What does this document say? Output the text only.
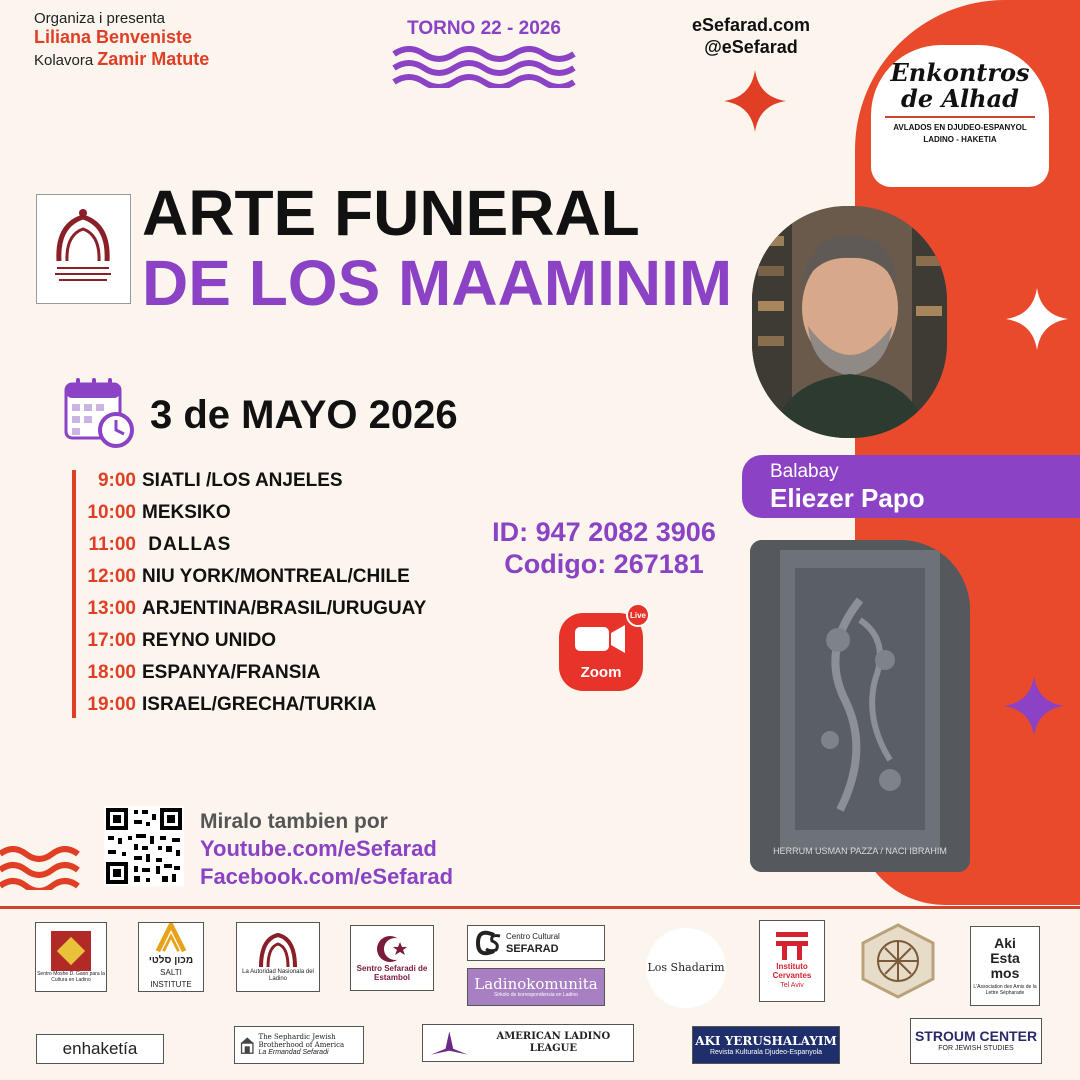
Organiza i presenta
Liliana Benveniste
Kolavora Zamir Matute
TORNO 22 - 2026	eSefarad.com
@eSefarad
Enkontros
de Alhad
AVLADOS EN DJUDEO-ESPANYOL
LADINO - HAKETIA
ARTE FUNERAL
DE LOS MAAMINIM
3 de MAYO 2026
9:00 SIATLI /LOS ANJELES
10:00 MEKSIKO
11:00 DALLAS
12:00 NIU YORK/MONTREAL/CHILE
13:00 ARJENTINA/BRASIL/URUGUAY
17:00 REYNO UNIDO
18:00 ESPANYA/FRANSIA
19:00 ISRAEL/GRECHA/TURKIA
ID: 947 2082 3906
Codigo: 267181
Zoom
Live
Balabay
Eliezer Papo
HERRUM USMAN PAZZA / NACI IBRAHIM
Miralo tambien por
Youtube.com/eSefarad
Facebook.com/eSefarad
Sentro Moshe D. Gaon para la Cultura en Ladino
מכון סלטי
SALTI INSTITUTE
La Autoridad Nasionala del Ladino
Sentro Sefaradi de Estambol
Centro Cultural
SEFARAD
Ladinokomunita
Sirkolo de korrespondensia en Ladino
Los Shadarim	Instituto Cervantes
Tel Aviv
Aki Esta mos
L'Association des Amis de la Lettre Sépharade
enhaketía
The Sephardic Jewish Brotherhood of America
La Ermandad Sefaradi
AMERICAN LADINO LEAGUE
AKI YERUSHALAYIM
Revista Kulturala Djudeo-Espanyola
STROUM CENTER
FOR JEWISH STUDIES
